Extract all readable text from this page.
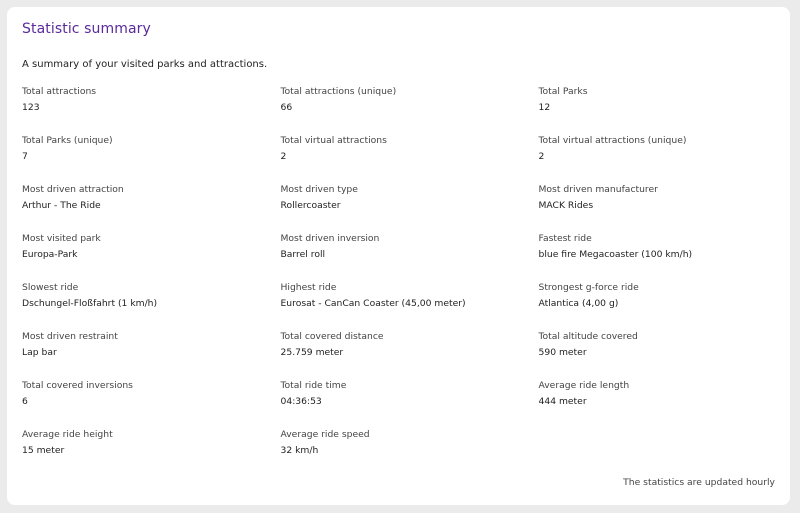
Statistic summary

A summary of your visited parks and attractions.

Total attractions
123
Total attractions (unique)
66
Total Parks
12
Total Parks (unique)
7
Total virtual attractions
2
Total virtual attractions (unique)
2
Most driven attraction
Arthur - The Ride
Most driven type
Rollercoaster
Most driven manufacturer
MACK Rides
Most visited park
Europa-Park
Most driven inversion
Barrel roll
Fastest ride
blue fire Megacoaster (100 km/h)
Slowest ride
Dschungel-Floßfahrt (1 km/h)
Highest ride
Eurosat - CanCan Coaster (45,00 meter)
Strongest g-force ride
Atlantica (4,00 g)
Most driven restraint
Lap bar
Total covered distance
25.759 meter
Total altitude covered
590 meter
Total covered inversions
6
Total ride time
04:36:53
Average ride length
444 meter
Average ride height
15 meter
Average ride speed
32 km/h

The statistics are updated hourly
